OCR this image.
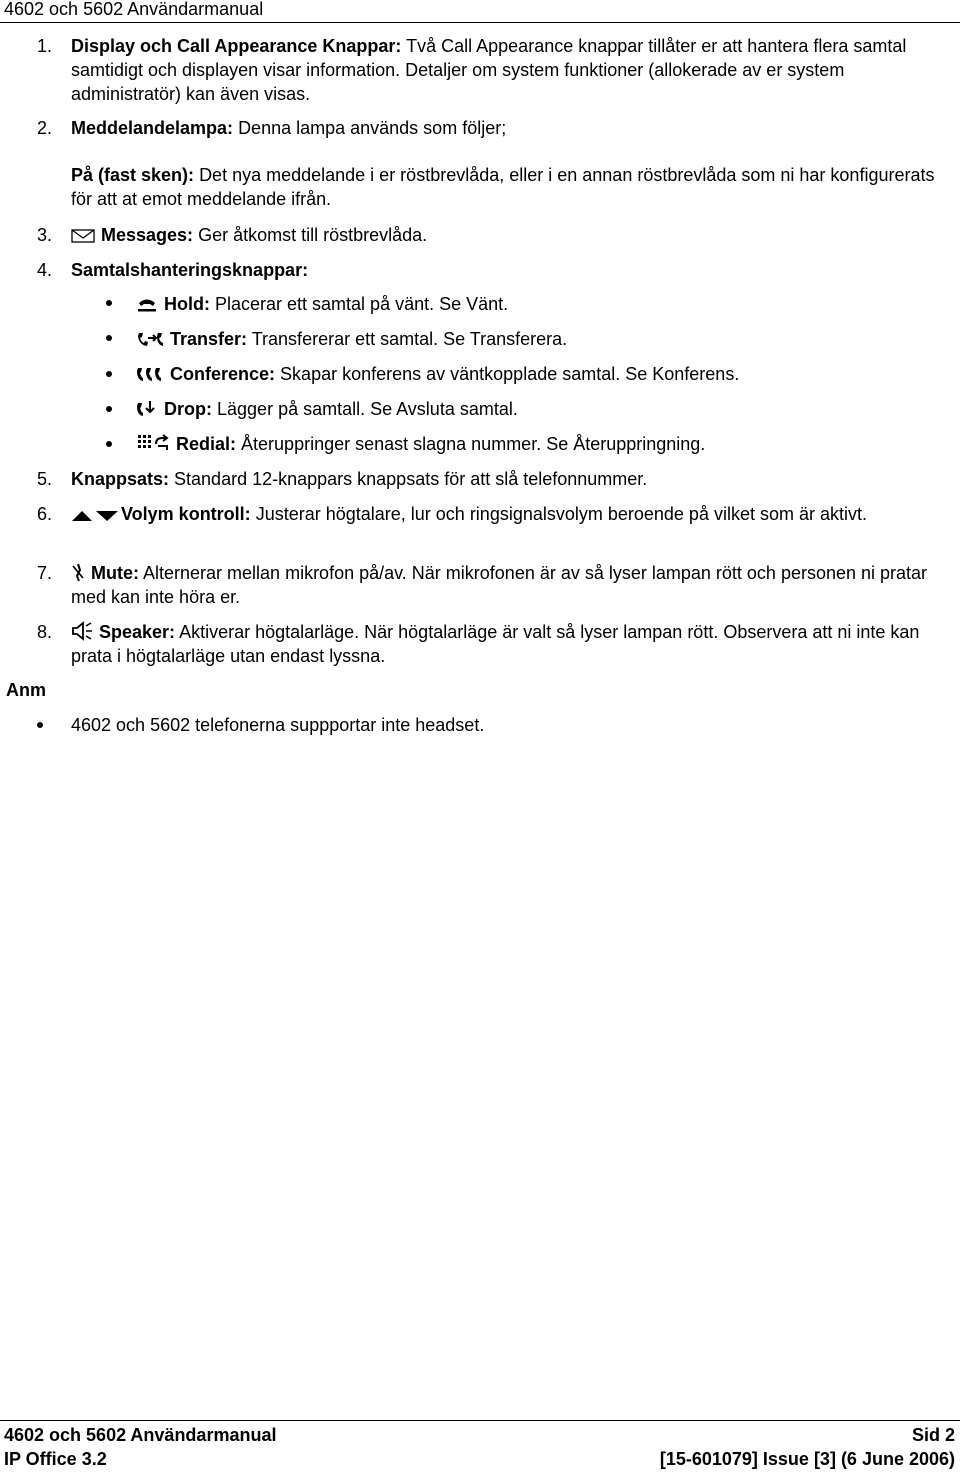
4602 och 5602 Användarmanual
1. Display och Call Appearance Knappar: Två Call Appearance knappar tillåter er att hantera flera samtal samtidigt och displayen visar information. Detaljer om system funktioner (allokerade av er system administratör) kan även visas.
2. Meddelandelampa: Denna lampa används som följer;
På (fast sken): Det nya meddelande i er röstbrevlåda, eller i en annan röstbrevlåda som ni har konfigurerats för att at emot meddelande ifrån.
3.	Messages: Ger åtkomst till röstbrevlåda.
4. Samtalshanteringsknappar:
Hold: Placerar ett samtal på vänt. Se Vänt.
Transfer: Transfererar ett samtal. Se Transferera.
Conference: Skapar konferens av väntkopplade samtal. Se Konferens.
Drop: Lägger på samtall. Se Avsluta samtal.
Redial: Återuppringer senast slagna nummer. Se Återuppringning.
5. Knappsats: Standard 12-knappars knappsats för att slå telefonnummer.
6.	Volym kontroll: Justerar högtalare, lur och ringsignalsvolym beroende på vilket som är aktivt.
7.	Mute: Alternerar mellan mikrofon på/av. När mikrofonen är av så lyser lampan rött och personen ni pratar med kan inte höra er.
8.	Speaker: Aktiverar högtalarläge. När högtalarläge är valt så lyser lampan rött. Observera att ni inte kan prata i högtalarläge utan endast lyssna.
Anm
4602 och 5602 telefonerna suppportar inte headset.
4602 och 5602 Användarmanual	Sid 2
IP Office 3.2	[15-601079] Issue [3] (6 June 2006)
